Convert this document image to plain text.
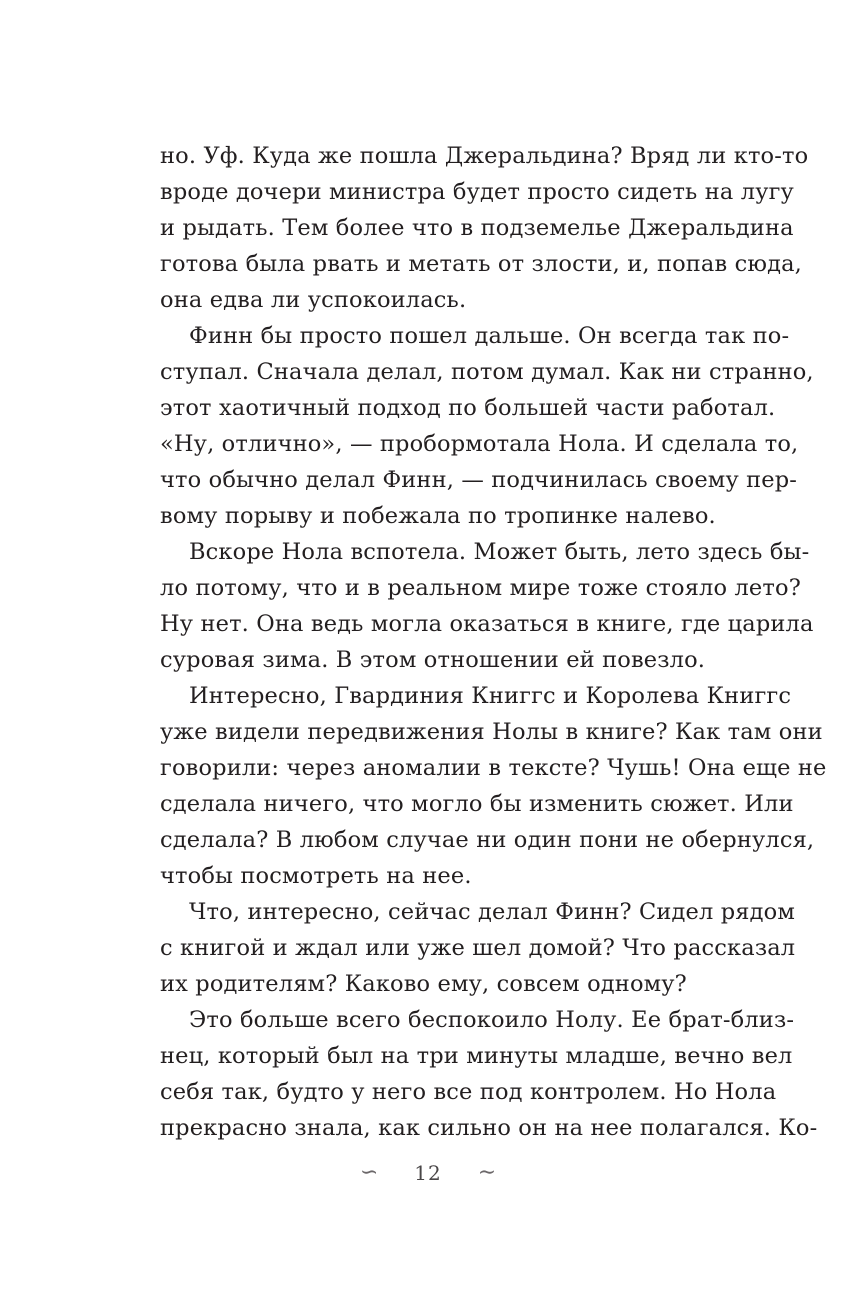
но. Уф. Куда же пошла Джеральдина? Вряд ли кто-то
вроде дочери министра будет просто сидеть на лугу
и рыдать. Тем более что в подземелье Джеральдина
готова была рвать и метать от злости, и, попав сюда,
она едва ли успокоилась.
Финн бы просто пошел дальше. Он всегда так по-
ступал. Сначала делал, потом думал. Как ни странно,
этот хаотичный подход по большей части работал.
«Ну, отлично», — пробормотала Нола. И сделала то,
что обычно делал Финн, — подчинилась своему пер-
вому порыву и побежала по тропинке налево.
Вскоре Нола вспотела. Может быть, лето здесь бы-
ло потому, что и в реальном мире тоже стояло лето?
Ну нет. Она ведь могла оказаться в книге, где царила
суровая зима. В этом отношении ей повезло.
Интересно, Гвардиния Книггс и Королева Книггс
уже видели передвижения Нолы в книге? Как там они
говорили: через аномалии в тексте? Чушь! Она еще не
сделала ничего, что могло бы изменить сюжет. Или
сделала? В любом случае ни один пони не обернулся,
чтобы посмотреть на нее.
Что, интересно, сейчас делал Финн? Сидел рядом
с книгой и ждал или уже шел домой? Что рассказал
их родителям? Каково ему, совсем одному?
Это больше всего беспокоило Нолу. Ее брат-близ-
нец, который был на три минуты младше, вечно вел
себя так, будто у него все под контролем. Но Нола
прекрасно знала, как сильно он на нее полагался. Ко-
∽ 12 ∼
